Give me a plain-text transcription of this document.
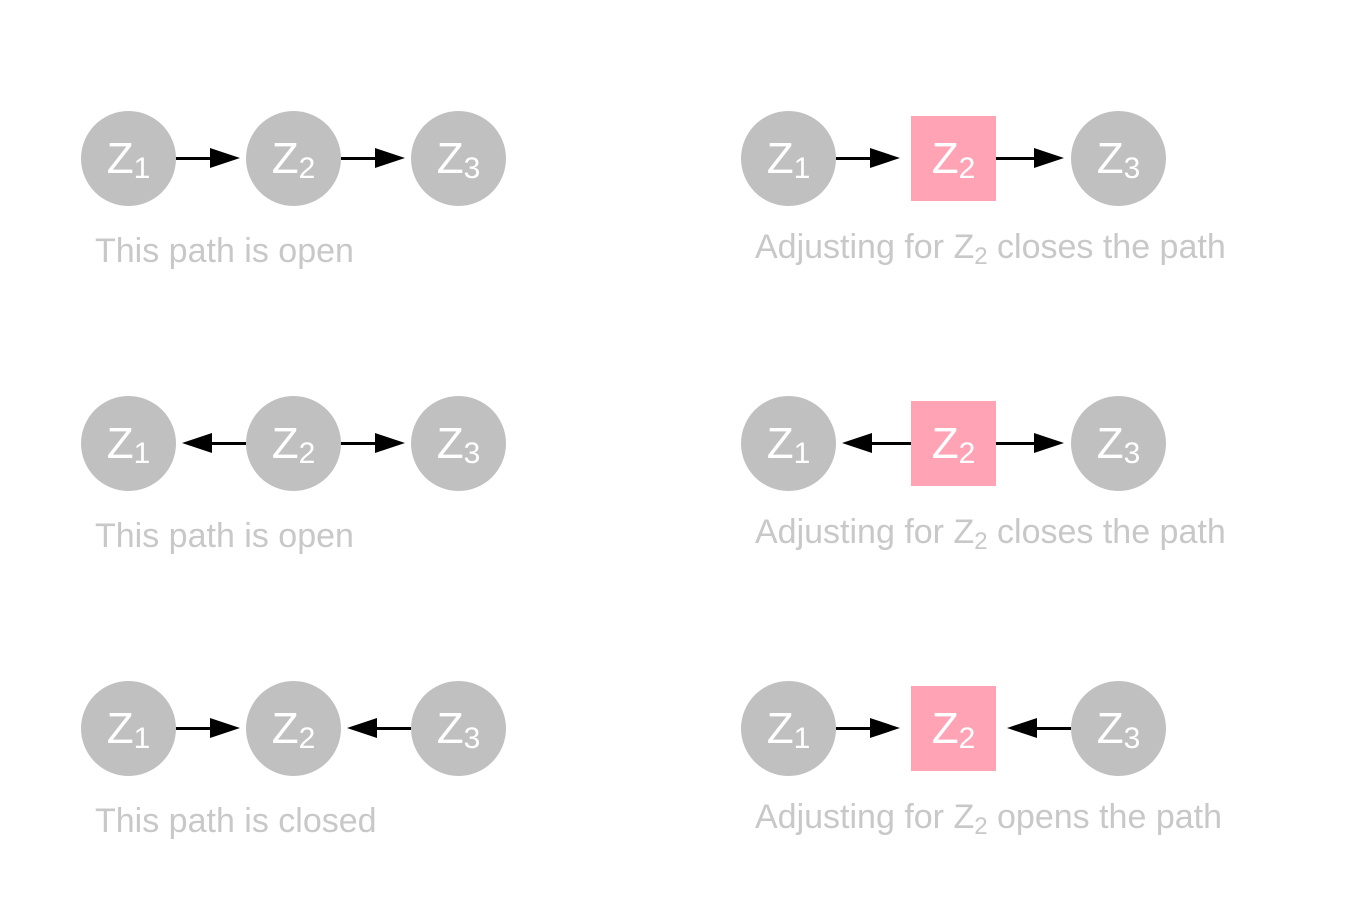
$Z_1$	$Z_2$	$Z_3$
This path is open
$Z_1$	$Z_2$	$Z_3$
This path is open
$Z_1$	$Z_2$	$Z_3$
This path is closed
$Z_1$	$Z_2$	$Z_3$
Adjusting for $Z_2$ closes the path
$Z_1$	$Z_2$	$Z_3$
Adjusting for $Z_2$ closes the path
$Z_1$	$Z_2$	$Z_3$
Adjusting for $Z_2$ opens the path
